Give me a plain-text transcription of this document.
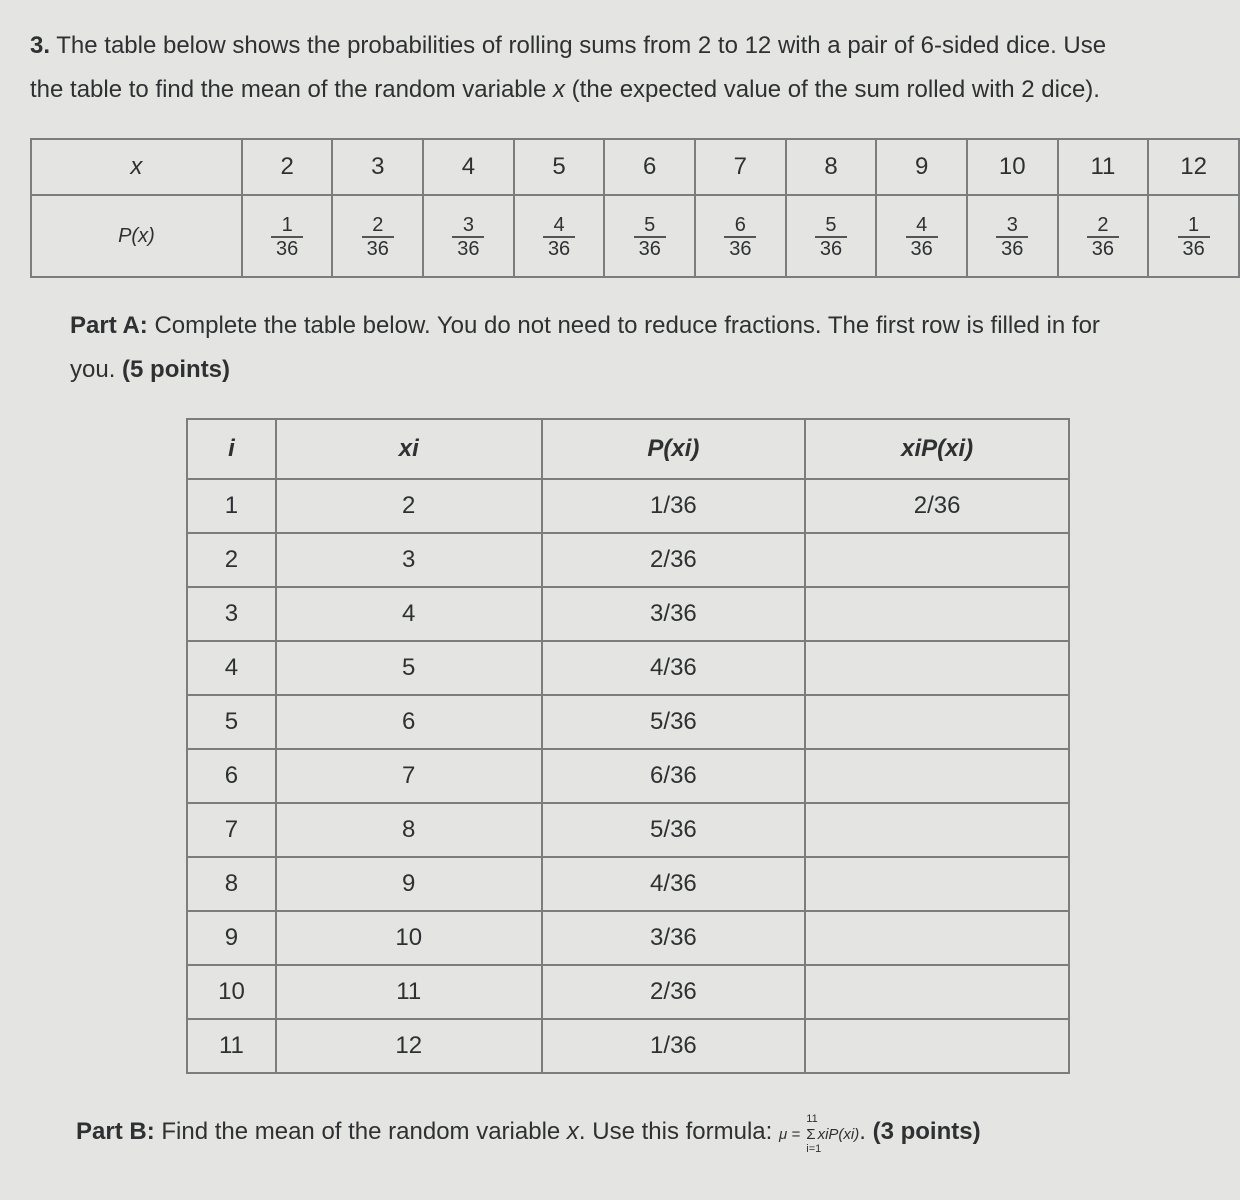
3. The table below shows the probabilities of rolling sums from 2 to 12 with a pair of 6-sided dice. Use
the table to find the mean of the random variable x (the expected value of the sum rolled with 2 dice).
x	2	3	4	5	6	7	8	9	10	11	12
P(x)	$\frac{1}{36}$	$\frac{2}{36}$	$\frac{3}{36}$	$\frac{4}{36}$	$\frac{5}{36}$	$\frac{6}{36}$	$\frac{5}{36}$	$\frac{4}{36}$	$\frac{3}{36}$	$\frac{2}{36}$	$\frac{1}{36}$
Part A: Complete the table below. You do not need to reduce fractions. The first row is filled in for
you. (5 points)
i	xi	P(xi)	xiP(xi)
1	2	1/36	2/36
2	3	2/36	
3	4	3/36	
4	5	4/36	
5	6	5/36	
6	7	6/36	
7	8	5/36	
8	9	4/36	
9	10	3/36	
10	11	2/36	
11	12	1/36	
Part B: Find the mean of the random variable x. Use this formula: μ =
11
Σ
i=1
xiP(xi). (3 points)
